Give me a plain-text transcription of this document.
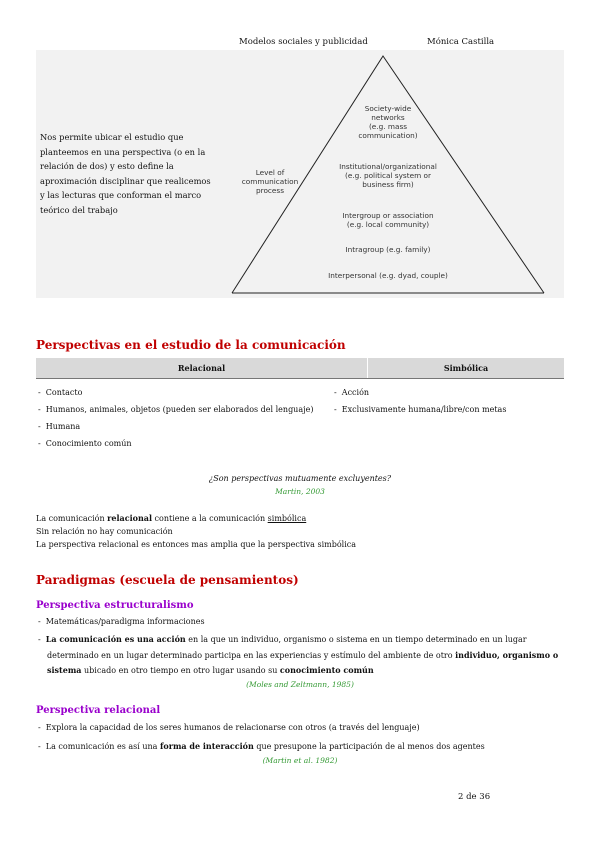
Modelos sociales y publicidad	Mónica Castilla
Nos permite ubicar el estudio que planteemos en una perspectiva (o en la relación de dos) y esto define la aproximación disciplinar que realicemos y las lecturas que conforman el marco teórico del trabajo
Level of
communication
process
Society-wide
networks
(e.g. mass
communication)
Institutional/organizational
(e.g. political system or
business firm)
Intergroup or association
(e.g. local community)
Intragroup (e.g. family)
Interpersonal (e.g. dyad, couple)
Perspectivas en el estudio de la comunicación
Relacional	Simbólica
-  Contacto
-  Humanos, animales, objetos (pueden ser elaborados del lenguaje)
-  Humana
-  Conocimiento común
-  Acción
-  Exclusivamente humana/libre/con metas
¿Son perspectivas mutuamente excluyentes?
Martin, 2003
La comunicación relacional contiene a la comunicación simbólica
Sin relación no hay comunicación
La perspectiva relacional es entonces mas amplia que la perspectiva simbólica
Paradigmas (escuela de pensamientos)
Perspectiva estructuralismo
-  Matemáticas/paradigma informaciones
-  La comunicación es una acción en la que un individuo, organismo o sistema en un tiempo determinado en un lugar
determinado en un lugar determinado participa en las experiencias y estímulo del ambiente de otro individuo, organismo o
sistema ubicado en otro tiempo en otro lugar usando su conocimiento común
(Moles and Zeltmann, 1985)
Perspectiva relacional
-  Explora la capacidad de los seres humanos de relacionarse con otros (a través del lenguaje)
-  La comunicación es así una forma de interacción que presupone la participación de al menos dos agentes
(Martin et al. 1982)
2 de 36
